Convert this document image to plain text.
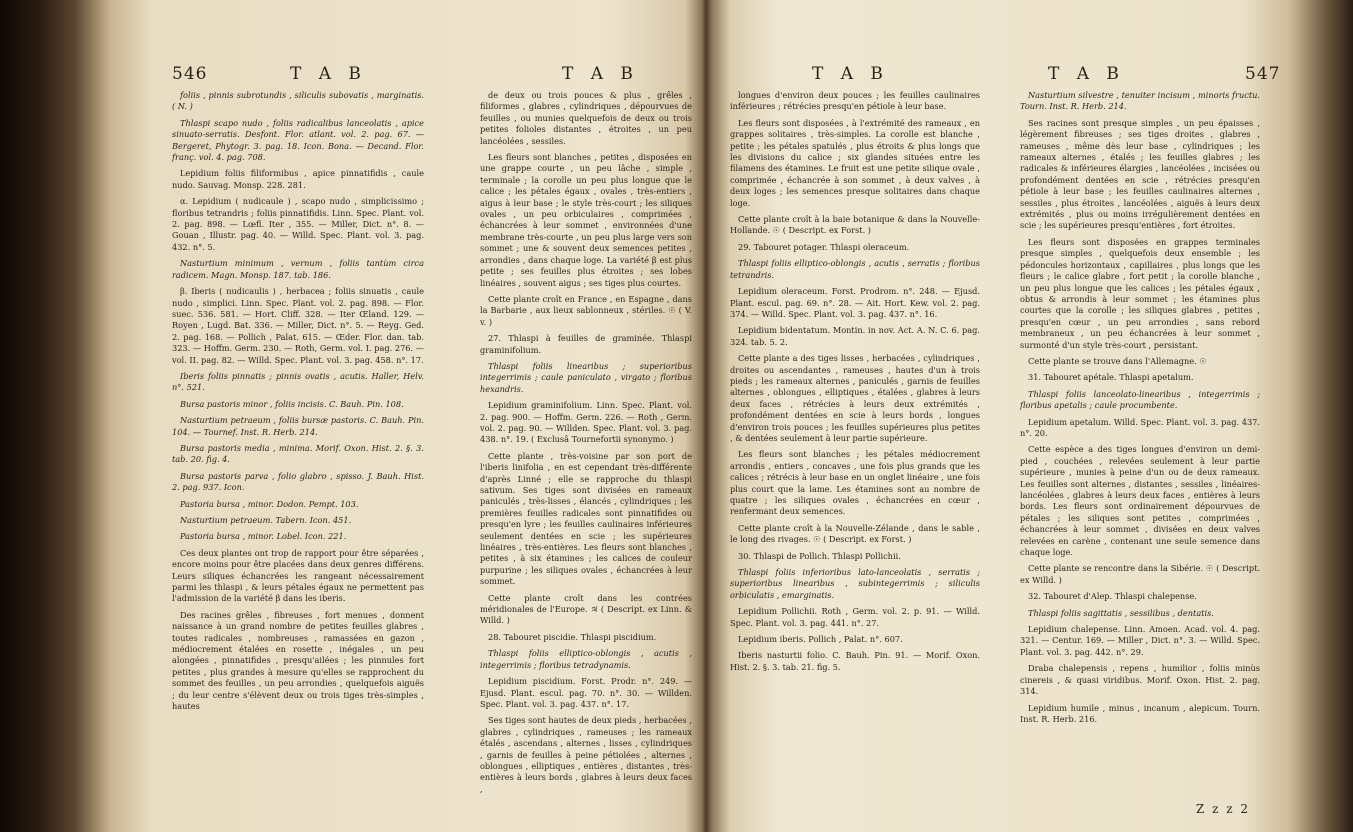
546	T A B	T A B

foliis , pinnis subrotundis , siliculis subovatis , marginatis. ( N. )

Thlaspi scapo nudo , foliis radicalibus lanceolatis , apice sinuato-serratis. Desfont. Flor. atlant. vol. 2. pag. 67. — Bergeret, Phytogr. 3. pag. 18. Icon. Bona. — Decand. Flor. franç. vol. 4. pag. 708.

Lepidium foliis filiformibus , apice pinnatifidis , caule nudo. Sauvag. Monsp. 228. 281.

α. Lepidium ( nudicaule ) , scapo nudo , simplicissimo ; floribus tetrandris ; foliis pinnatifidis. Linn. Spec. Plant. vol. 2. pag. 898. — Lœfl. Iter , 355. — Miller, Dict. n°. 8. — Gouan , Illustr. pag. 40. — Willd. Spec. Plant. vol. 3. pag. 432. n°. 5.

Nasturtium minimum , vernum , foliis tantùm circa radicem. Magn. Monsp. 187. tab. 186.

β. Iberis ( nudicaulis ) , herbacea ; foliis sinuatis , caule nudo , simplici. Linn. Spec. Plant. vol. 2. pag. 898. — Flor. suec. 536. 581. — Hort. Cliff. 328. — Iter Œland. 129. — Royen , Lugd. Bat. 336. — Miller, Dict. n°. 5. — Reyg. Ged. 2. pag. 168. — Pollich , Palat. 615. — Œder. Flor. dan. tab. 323. — Hoffm. Germ. 230. — Roth, Germ. vol. I. pag. 276. — vol. II. pag. 82. — Willd. Spec. Plant. vol. 3. pag. 458. n°. 17.

Iberis foliis pinnatis ; pinnis ovatis , acutis. Haller, Helv. n°. 521.

Bursa pastoris minor , foliis incisis. C. Bauh. Pin. 108.

Nasturtium petraeum , foliis bursæ pastoris. C. Bauh. Pin. 104. — Tournef. Inst. R. Herb. 214.

Bursa pastoris media , minima. Morif. Oxon. Hist. 2. §. 3. tab. 20. fig. 4.

Bursa pastoris parva , folio glabro , spisso. J. Bauh. Hist. 2. pag. 937. Icon.

Pastoria bursa , minor. Dodon. Pempt. 103.

Nasturtium petraeum. Tabern. Icon. 451.

Pastoria bursa , minor. Lobel. Icon. 221.

Ces deux plantes ont trop de rapport pour être séparées , encore moins pour être placées dans deux genres différens. Leurs siliques échancrées les rangeant nécessairement parmi les thlaspi , & leurs pétales égaux ne permettent pas l'admission de la variété β dans les iberis.

Des racines grêles , fibreuses , fort menues , donnent naissance à un grand nombre de petites feuilles glabres , toutes radicales , nombreuses , ramassées en gazon , médiocrement étalées en rosette , inégales , un peu alongées , pinnatifides , presqu'ailées ; les pinnules fort petites , plus grandes à mesure qu'elles se rapprochent du sommet des feuilles , un peu arrondies , quelquefois aiguës ; du leur centre s'élèvent deux ou trois tiges très-simples , hautes

de deux ou trois pouces & plus , grêles , filiformes , glabres , cylindriques , dépourvues de feuilles , ou munies quelquefois de deux ou trois petites folioles distantes , étroites , un peu lancéolées , sessiles.

Les fleurs sont blanches , petites , disposées en une grappe courte , un peu lâche , simple , terminale ; la corolle un peu plus longue que le calice ; les pétales égaux , ovales , très-entiers , aigus à leur base ; le style très-court ; les siliques ovales , un peu orbiculaires , comprimées , échancrées à leur sommet , environnées d'une membrane très-courte , un peu plus large vers son sommet ; une & souvent deux semences petites , arrondies , dans chaque loge. La variété β est plus petite ; ses feuilles plus étroites ; ses lobes linéaires , souvent aigus ; ses tiges plus courtes.

Cette plante croît en France , en Espagne , dans la Barbarie , aux lieux sablonneux , stériles. ☉ ( V. v. )

27. Thlaspi à feuilles de graminée. Thlaspi graminifolium.

Thlaspi foliis linearibus ; superioribus integerrimis ; caule paniculato , virgato ; floribus hexandris.

Lepidium graminifolium. Linn. Spec. Plant. vol. 2. pag. 900. — Hoffm. Germ. 226. — Roth , Germ. vol. 2. pag. 90. — Willden. Spec. Plant. vol. 3. pag. 438. n°. 19. ( Exclusâ Tournefortii synonymo. )

Cette plante , très-voisine par son port de l'iberis linifolia , en est cependant très-différente d'après Linné ; elle se rapproche du thlaspi sativum. Ses tiges sont divisées en rameaux paniculés , très-lisses , élancés , cylindriques ; les premières feuilles radicales sont pinnatifides ou presqu'en lyre ; les feuilles caulinaires inférieures seulement dentées en scie ; les supérieures linéaires , très-entières. Les fleurs sont blanches , petites , à six étamines ; les calices de couleur purpurine ; les siliques ovales , échancrées à leur sommet.

Cette plante croît dans les contrées méridionales de l'Europe. ♃ ( Descript. ex Linn. & Willd. )

28. Tabouret piscidie. Thlaspi piscidium.

Thlaspi foliis elliptico-oblongis , acutis , integerrimis ; floribus tetradynamis.

Lepidium piscidium. Forst. Prodr. n°. 249. — Ejusd. Plant. escul. pag. 70. n°. 30. — Willden. Spec. Plant. vol. 3. pag. 437. n°. 17.

Ses tiges sont hautes de deux pieds , herbacées , glabres , cylindriques , rameuses ; les rameaux étalés , ascendans , alternes , lisses , cylindriques , garnis de feuilles à peine pétiolées , alternes , oblongues , elliptiques , entières , distantes , très-entières à leurs bords , glabres à leurs deux faces ,

T A B	T A B	547

longues d'environ deux pouces ; les feuilles caulinaires inférieures ; rétrécies presqu'en pétiole à leur base.

Les fleurs sont disposées , à l'extrémité des rameaux , en grappes solitaires , très-simples. La corolle est blanche , petite ; les pétales spatulés , plus étroits & plus longs que les divisions du calice ; six glandes situées entre les filamens des étamines. Le fruit est une petite silique ovale , comprimée , échancrée à son sommet , à deux valves , à deux loges ; les semences presque solitaires dans chaque loge.

Cette plante croît à la baie botanique & dans la Nouvelle-Hollande. ☉ ( Descript. ex Forst. )

29. Tabouret potager. Thlaspi oleraceum.

Thlaspi foliis elliptico-oblongis , acutis , serratis ; floribus tetrandris.

Lepidium oleraceum. Forst. Prodrom. n°. 248. — Ejusd. Plant. escul. pag. 69. n°. 28. — Ait. Hort. Kew. vol. 2. pag. 374. — Willd. Spec. Plant. vol. 3. pag. 437. n°. 16.

Lepidium bidentatum. Montin. in nov. Act. A. N. C. 6. pag. 324. tab. 5. 2.

Cette plante a des tiges lisses , herbacées , cylindriques , droites ou ascendantes , rameuses , hautes d'un à trois pieds ; les rameaux alternes , paniculés , garnis de feuilles alternes , oblongues , elliptiques , étalées , glabres à leurs deux faces , rétrécies à leurs deux extrémités , profondément dentées en scie à leurs bords , longues d'environ trois pouces ; les feuilles supérieures plus petites , & dentées seulement à leur partie supérieure.

Les fleurs sont blanches ; les pétales médiocrement arrondis , entiers , concaves , une fois plus grands que les calices ; rétrécis à leur base en un onglet linéaire , une fois plus court que la lame. Les étamines sont au nombre de quatre ; les siliques ovales , échancrées en cœur , renfermant deux semences.

Cette plante croît à la Nouvelle-Zélande , dans le sable , le long des rivages. ☉ ( Descript. ex Forst. )

30. Thlaspi de Pollich. Thlaspi Pollichii.

Thlaspi foliis inferioribus lato-lanceolatis , serratis ; superioribus linearibus , subintegerrimis ; siliculis orbiculatis , emarginatis.

Lepidium Pollichii. Roth , Germ. vol. 2. p. 91. — Willd. Spec. Plant. vol. 3. pag. 441. n°. 27.

Lepidium iberis. Pollich , Palat. n°. 607.

Iberis nasturtii folio. C. Bauh. Pin. 91. — Morif. Oxon. Hist. 2. §. 3. tab. 21. fig. 5.

Nasturtium silvestre , tenuiter incisum , minoris fructu. Tourn. Inst. R. Herb. 214.

Ses racines sont presque simples , un peu épaisses , légèrement fibreuses ; ses tiges droites , glabres , rameuses , même dès leur base , cylindriques ; les rameaux alternes , étalés ; les feuilles glabres ; les radicales & inférieures élargies , lancéolées , incisées ou profondément dentées en scie , rétrécies presqu'en pétiole à leur base ; les feuilles caulinaires alternes , sessiles , plus étroites , lancéolées , aiguës à leurs deux extrémités , plus ou moins irrégulièrement dentées en scie ; les supérieures presqu'entières , fort étroites.

Les fleurs sont disposées en grappes terminales presque simples , quelquefois deux ensemble ; les pédoncules horizontaux , capillaires , plus longs que les fleurs ; le calice glabre , fort petit ; la corolle blanche , un peu plus longue que les calices ; les pétales égaux , obtus & arrondis à leur sommet ; les étamines plus courtes que la corolle ; les siliques glabres , petites , presqu'en cœur , un peu arrondies , sans rebord membraneux , un peu échancrées à leur sommet , surmonté d'un style très-court , persistant.

Cette plante se trouve dans l'Allemagne. ☉

31. Tabouret apétale. Thlaspi apetalum.

Thlaspi foliis lanceolato-linearibus , integerrimis ; floribus apetalis ; caule procumbente.

Lepidium apetalum. Willd. Spec. Plant. vol. 3. pag. 437. n°. 20.

Cette espèce a des tiges longues d'environ un demi-pied , couchées , relevées seulement à leur partie supérieure , munies à peine d'un ou de deux rameaux. Les feuilles sont alternes , distantes , sessiles , linéaires-lancéolées , glabres à leurs deux faces , entières à leurs bords. Les fleurs sont ordinairement dépourvues de pétales ; les siliques sont petites , comprimées , échancrées à leur sommet , divisées en deux valves relevées en carène , contenant une seule semence dans chaque loge.

Cette plante se rencontre dans la Sibérie. ☉ ( Descript. ex Willd. )

32. Tabouret d'Alep. Thlaspi chalepense.

Thlaspi foliis sagittatis , sessilibus , dentatis.

Lepidium chalepense. Linn. Amoen. Acad. vol. 4. pag. 321. — Centur. 169. — Miller , Dict. n°. 3. — Willd. Spec. Plant. vol. 3. pag. 442. n°. 29.

Draba chalepensis , repens , humilior , foliis minùs cinereis , & quasi viridibus. Morif. Oxon. Hist. 2. pag. 314.

Lepidium humile , minus , incanum , alepicum. Tourn. Inst. R. Herb. 216.

Z z z 2
